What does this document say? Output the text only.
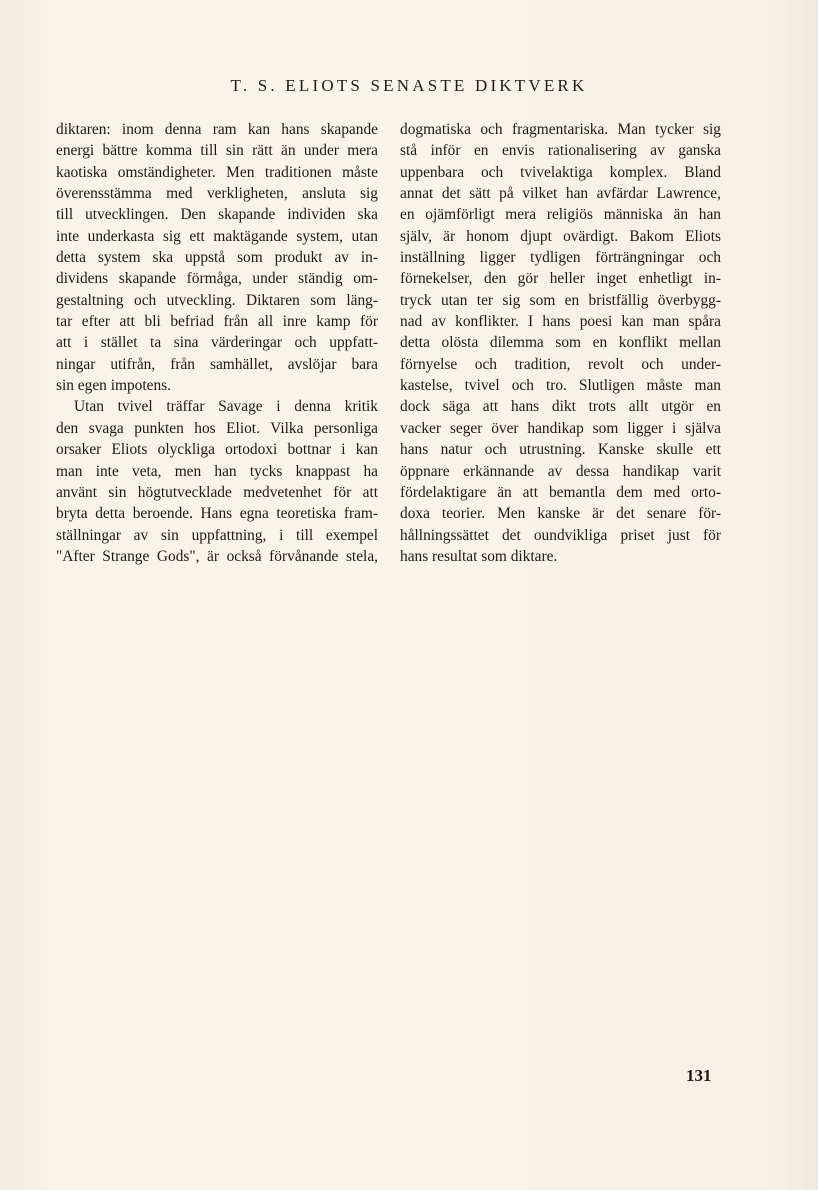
T. S. ELIOTS SENASTE DIKTVERK
diktaren: inom denna ram kan hans skapande
energi bättre komma till sin rätt än under mera
kaotiska omständigheter. Men traditionen måste
överensstämma med verkligheten, ansluta sig
till utvecklingen. Den skapande individen ska
inte underkasta sig ett maktägande system, utan
detta system ska uppstå som produkt av in-
dividens skapande förmåga, under ständig om-
gestaltning och utveckling. Diktaren som läng-
tar efter att bli befriad från all inre kamp för
att i stället ta sina värderingar och uppfatt-
ningar utifrån, från samhället, avslöjar bara
sin egen impotens.
Utan tvivel träffar Savage i denna kritik
den svaga punkten hos Eliot. Vilka personliga
orsaker Eliots olyckliga ortodoxi bottnar i kan
man inte veta, men han tycks knappast ha
använt sin högtutvecklade medvetenhet för att
bryta detta beroende. Hans egna teoretiska fram-
ställningar av sin uppfattning, i till exempel
"After Strange Gods", är också förvånande stela,
dogmatiska och fragmentariska. Man tycker sig
stå inför en envis rationalisering av ganska
uppenbara och tvivelaktiga komplex. Bland
annat det sätt på vilket han avfärdar Lawrence,
en ojämförligt mera religiös människa än han
själv, är honom djupt ovärdigt. Bakom Eliots
inställning ligger tydligen förträngningar och
förnekelser, den gör heller inget enhetligt in-
tryck utan ter sig som en bristfällig överbygg-
nad av konflikter. I hans poesi kan man spåra
detta olösta dilemma som en konflikt mellan
förnyelse och tradition, revolt och under-
kastelse, tvivel och tro. Slutligen måste man
dock säga att hans dikt trots allt utgör en
vacker seger över handikap som ligger i själva
hans natur och utrustning. Kanske skulle ett
öppnare erkännande av dessa handikap varit
fördelaktigare än att bemantla dem med orto-
doxa teorier. Men kanske är det senare för-
hållningssättet det oundvikliga priset just för
hans resultat som diktare.
131
